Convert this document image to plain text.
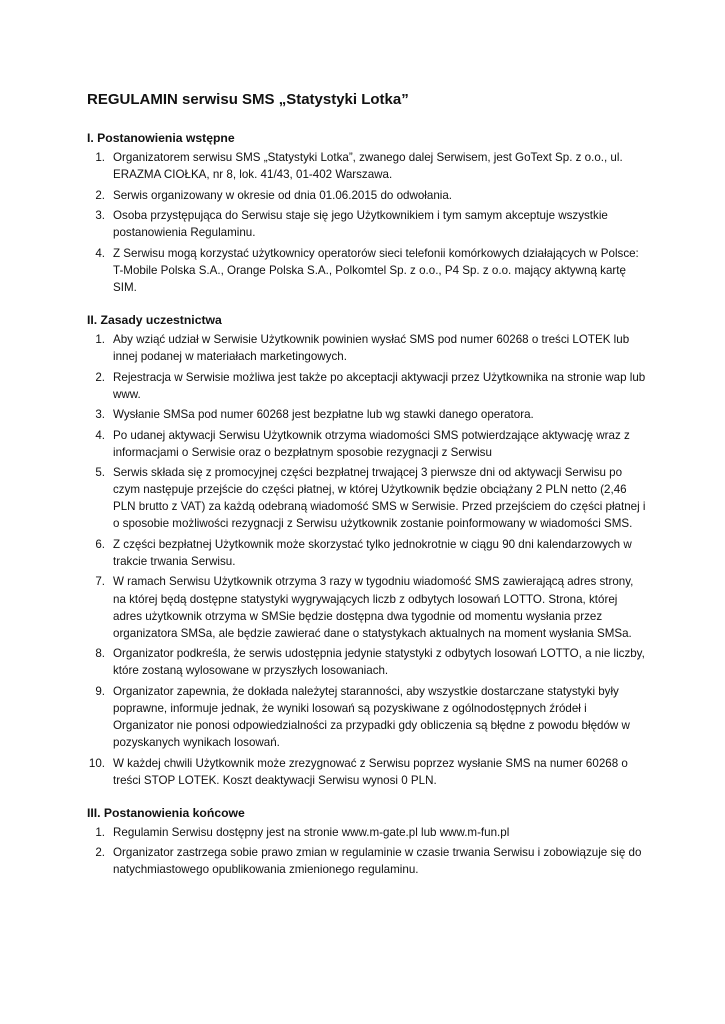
REGULAMIN serwisu SMS „Statystyki Lotka”
I. Postanowienia wstępne
1. Organizatorem serwisu SMS „Statystyki Lotka”, zwanego dalej Serwisem, jest GoText Sp. z o.o., ul. ERAZMA CIOŁKA, nr 8, lok. 41/43, 01-402 Warszawa.
2. Serwis organizowany w okresie od dnia 01.06.2015 do odwołania.
3. Osoba przystępująca do Serwisu staje się jego Użytkownikiem i tym samym akceptuje wszystkie postanowienia Regulaminu.
4. Z Serwisu mogą korzystać użytkownicy operatorów sieci telefonii komórkowych działających w Polsce: T-Mobile Polska S.A., Orange Polska S.A., Polkomtel Sp. z o.o., P4 Sp. z o.o. mający aktywną kartę SIM.
II. Zasady uczestnictwa
1. Aby wziąć udział w Serwisie Użytkownik powinien wysłać SMS pod numer 60268 o treści LOTEK lub innej podanej w materiałach marketingowych.
2. Rejestracja w Serwisie możliwa jest także po akceptacji aktywacji przez Użytkownika na stronie wap lub www.
3. Wysłanie SMSa pod numer 60268 jest bezpłatne lub wg stawki danego operatora.
4. Po udanej aktywacji Serwisu Użytkownik otrzyma wiadomości SMS potwierdzające aktywację wraz z informacjami o Serwisie oraz o bezpłatnym sposobie rezygnacji z Serwisu
5. Serwis składa się z promocyjnej części bezpłatnej trwającej 3 pierwsze dni od aktywacji Serwisu po czym następuje przejście do części płatnej, w której Użytkownik będzie obciążany 2 PLN netto (2,46 PLN brutto z VAT) za każdą odebraną wiadomość SMS w Serwisie. Przed przejściem do części płatnej i o sposobie możliwości rezygnacji z Serwisu użytkownik zostanie poinformowany w wiadomości SMS.
6. Z części bezpłatnej Użytkownik może skorzystać tylko jednokrotnie w ciągu 90 dni kalendarzowych w trakcie trwania Serwisu.
7. W ramach Serwisu Użytkownik otrzyma 3 razy w tygodniu wiadomość SMS zawierającą adres strony, na której będą dostępne statystyki wygrywających liczb z odbytych losowań LOTTO. Strona, której adres użytkownik otrzyma w SMSie będzie dostępna dwa tygodnie od momentu wysłania przez organizatora SMSa, ale będzie zawierać dane o statystykach aktualnych na moment wysłania SMSa.
8. Organizator podkreśla, że serwis udostępnia jedynie statystyki z odbytych losowań LOTTO, a nie liczby, które zostaną wylosowane w przyszłych losowaniach.
9. Organizator zapewnia, że dokłada należytej staranności, aby wszystkie dostarczane statystyki były poprawne, informuje jednak, że wyniki losowań są pozyskiwane z ogólnodostępnych źródeł i Organizator nie ponosi odpowiedzialności za przypadki gdy obliczenia są błędne z powodu błędów w pozyskanych wynikach losowań.
10. W każdej chwili Użytkownik może zrezygnować z Serwisu poprzez wysłanie SMS na numer 60268 o treści STOP LOTEK. Koszt deaktywacji Serwisu wynosi 0 PLN.
III. Postanowienia końcowe
1. Regulamin Serwisu dostępny jest na stronie www.m-gate.pl lub www.m-fun.pl
2. Organizator zastrzega sobie prawo zmian w regulaminie w czasie trwania Serwisu i zobowiązuje się do natychmiastowego opublikowania zmienionego regulaminu.
